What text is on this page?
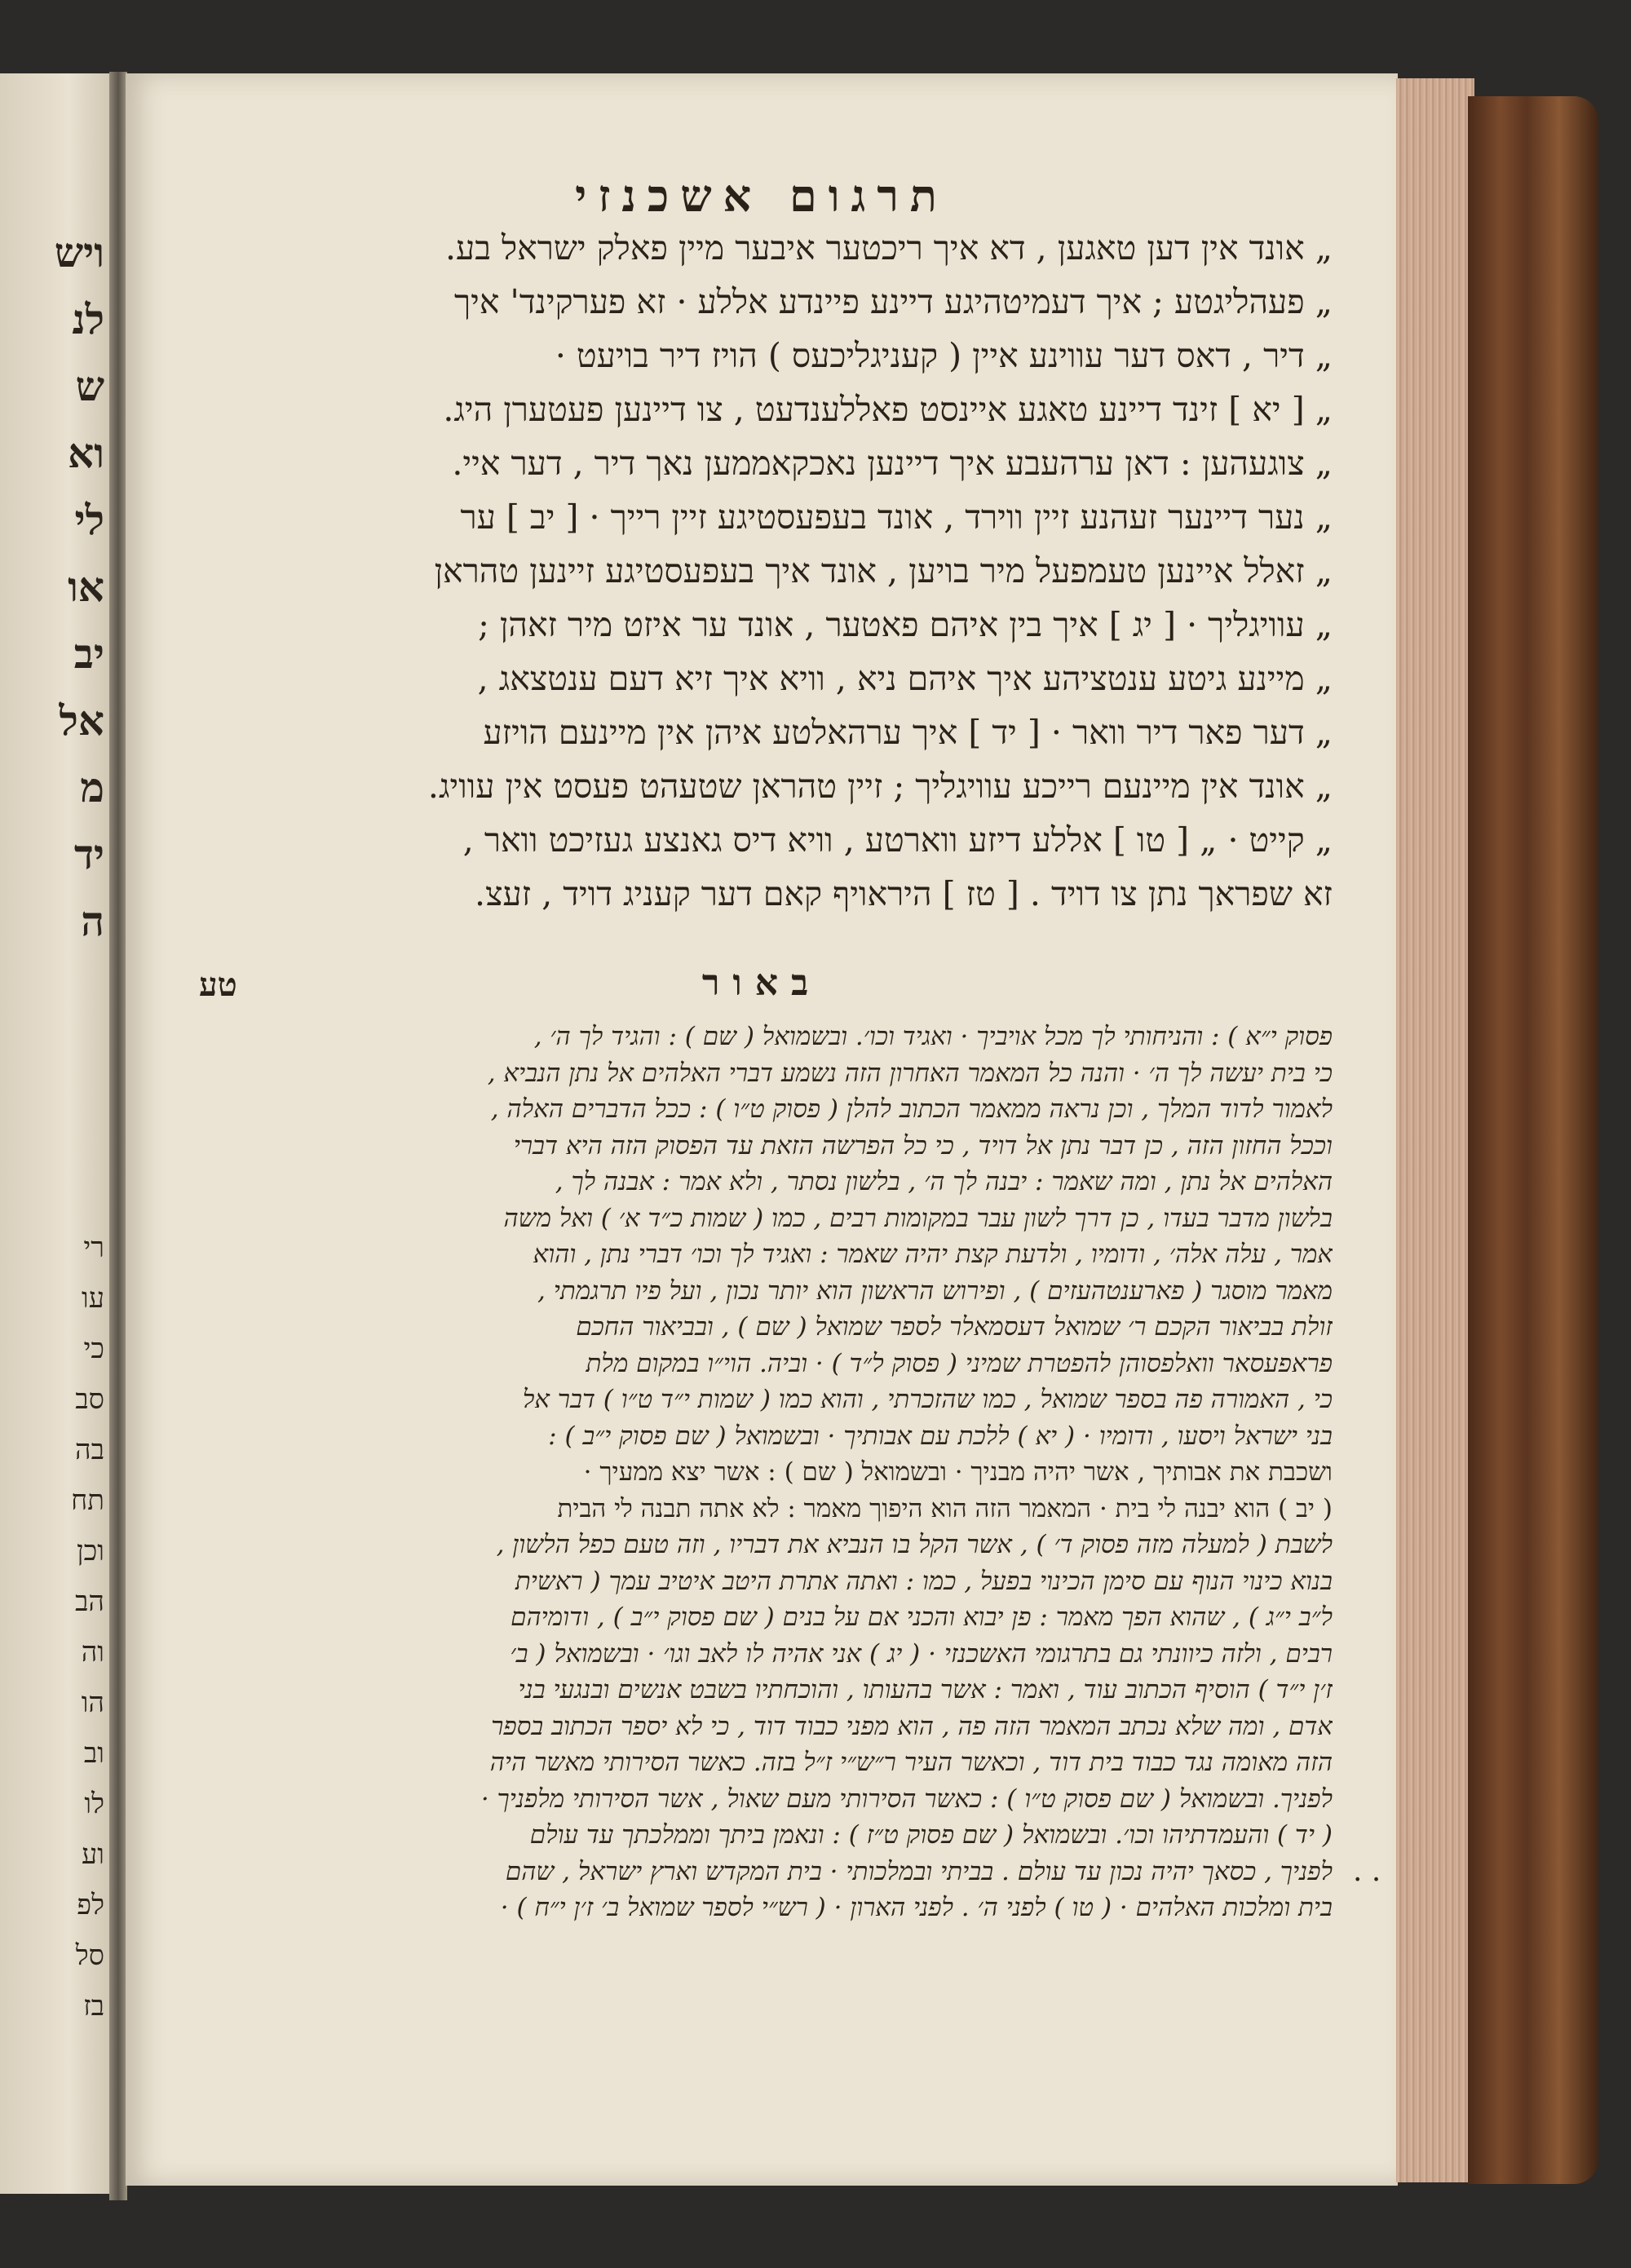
ויש
לנ
ש
וא
לי
או
יב
אל
מ
יד
ה
רי
עו
כי
סב
בה
תח
וכן
הב
וה
הו
וב
לו
וע
לפ
סל
בז
תרגום אשכנזי
„ אונד אין דען טאגען , דא איך ריכטער איבער מיין פאלק ישראל בע.
„ פעהליגטע ; איך דעמיטהיגע דיינע פיינדע אללע · זא פערקינד' איך
„ דיר , דאס דער עווינע איין ( קעניגליכעס ) הויז דיר בויעט ·
„ [ יא ] זינד דיינע טאגע איינסט פאללענדעט , צו דיינען פעטערן היג.
„ צוגעהען : דאן ערהעבע איך דיינען נאכקאממען נאך דיר , דער איי.
„ נער דיינער זעהנע זיין ווירד , אונד בעפעסטיגע זיין רייך · [ יב ] ער
„ זאלל איינען טעמפעל מיר בויען , אונד איך בעפעסטיגע זיינען טהראן
„ עוויגליך · [ יג ] איך בין איהם פאטער , אונד ער איזט מיר זאהן ;
„ מיינע גיטע ענטציהע איך איהם ניא , וויא איך זיא דעם ענטצאג ,
„ דער פאר דיר וואר · [ יד ] איך ערהאלטע איהן אין מיינעם הויזע
„ אונד אין מיינעם רייכע עוויגליך ; זיין טהראן שטעהט פעסט אין עוויג.
„ קייט · „ [ טו ] אללע דיזע ווארטע , וויא דיס גאנצע געזיכט וואר ,
זא שפראך נתן צו דויד . [ טז ] היראויף קאם דער קעניג דויד , זעצ.
באור
טע
פסוק י״א ) : והניחותי לך מכל אויביך · ואגיד וכו׳. ובשמואל ( שם ) : והגיד לך ה׳ ,
כי בית יעשה לך ה׳ · והנה כל המאמר האחרון הזה נשמע דברי האלהים אל נתן הנביא ,
לאמור לדוד המלך , וכן נראה ממאמר הכתוב להלן ( פסוק ט״ו ) : ככל הדברים האלה ,
וככל החזון הזה , כן דבר נתן אל דויד , כי כל הפרשה הזאת עד הפסוק הזה היא דברי
האלהים אל נתן , ומה שאמר : יבנה לך ה׳ , בלשון נסתר , ולא אמר : אבנה לך ,
בלשון מדבר בעדו , כן דרך לשון עבר במקומות רבים , כמו ( שמות כ״ד א׳ ) ואל משה
אמר , עלה אלה׳ , ודומיו , ולדעת קצת יהיה שאמר : ואגיד לך וכו׳ דברי נתן , והוא
מאמר מוסגר ( פארענטהעזים ) , ופירוש הראשון הוא יותר נכון , ועל פיו תרגמתי ,
זולת בביאור הקכם ר׳ שמואל דעסמאלר לספר שמואל ( שם ) , ובביאור החכם
פראפעסאר וואלפסוהן להפטרת שמיני ( פסוק ל״ד ) · וביה. הוי״ו במקום מלת
כי , האמורה פה בספר שמואל , כמו שהזכרתי , והוא כמו ( שמות י״ד ט״ו ) דבר אל
בני ישראל ויסעו , ודומיו · ( יא ) ללכת עם אבותיך · ובשמואל ( שם פסוק י״ב ) :
ושכבת את אבותיך , אשר יהיה מבניך · ובשמואל ( שם ) : אשר יצא ממעיך ·
( יב ) הוא יבנה לי בית · המאמר הזה הוא היפוך מאמר : לא אתה תבנה לי הבית
לשבת ( למעלה מזה פסוק ד׳ ) , אשר הקל בו הנביא את דבריו , וזה טעם כפל הלשון ,
בנוא כינוי הנוף עם סימן הכינוי בפעל , כמו : ואתה אתרת היטב איטיב עמך ( ראשית
ל״ב י״ג ) , שהוא הפך מאמר : פן יבוא והכני אם על בנים ( שם פסוק י״ב ) , ודומיהם
רבים , ולזה כיוונתי גם בתרגומי האשכנזי · ( יג ) אני אהיה לו לאב וגו׳ · ובשמואל ( ב׳
ז׳ן י״ד ) הוסיף הכתוב עוד , ואמר : אשר בהעותו , והוכחתיו בשבט אנשים ובנגעי בני
אדם , ומה שלא נכתב המאמר הזה פה , הוא מפני כבוד דוד , כי לא יספר הכתוב בספר
הזה מאומה נגד כבוד בית דוד , וכאשר העיר ר״ש״י ז״ל בזה. כאשר הסירותי מאשר היה
לפניך. ובשמואל ( שם פסוק ט״ו ) : כאשר הסירותי מעם שאול , אשר הסירותי מלפניך ·
( יד ) והעמדתיהו וכו׳. ובשמואל ( שם פסוק ט״ז ) : ונאמן ביתך וממלכתך עד עולם
לפניך , כסאך יהיה נכון עד עולם . בביתי ובמלכותי · בית המקדש וארץ ישראל , שהם
בית ומלכות האלהים · ( טו ) לפני ה׳ . לפני הארון · ( רש״י לספר שמואל ב׳ ז׳ן י״ח ) ·
· ·
